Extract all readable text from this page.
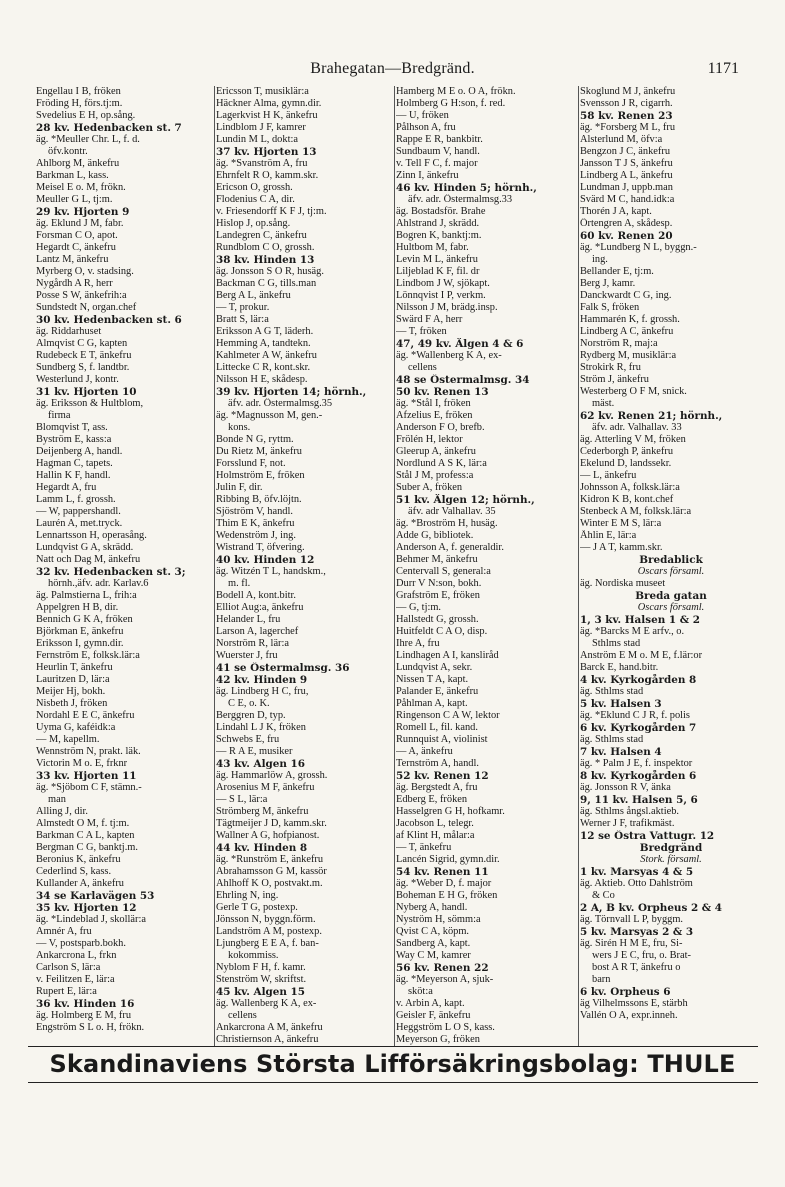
Brahegatan—Bredgränd.	1171
Engellau I B, fröken
Fröding H, förs.tj:m.
Svedelius E H, op.sång.
28 kv. Hedenbacken st. 7
äg. *Meuller Chr. L, f. d.
öfv.kontr.
Ahlborg M, änkefru
Barkman L, kass.
Meisel E o. M, frökn.
Meuller G L, tj:m.
29 kv. Hjorten 9
äg. Eklund J M, fabr.
Forsman C O, apot.
Hegardt C, änkefru
Lantz M, änkefru
Myrberg O, v. stadsing.
Nygårdh A R, herr
Posse S W, änkefrih:a
Sundstedt N, organ.chef
30 kv. Hedenbacken st. 6
äg. Riddarhuset
Almqvist C G, kapten
Rudebeck E T, änkefru
Sundberg S, f. landtbr.
Westerlund J, kontr.
31 kv. Hjorten 10
äg. Eriksson & Hultblom,
firma
Blomqvist T, ass.
Byström E, kass:a
Deijenberg A, handl.
Hagman C, tapets.
Hallin K F, handl.
Hegardt A, fru
Lamm L, f. grossh.
— W, pappershandl.
Laurén A, met.tryck.
Lennartsson H, operasång.
Lundqvist G A, skrädd.
Natt och Dag M, änkefru
32 kv. Hedenbacken st. 3;
hörnh.,äfv. adr. Karlav.6
äg. Palmstierna L, frih:a
Appelgren H B, dir.
Bennich G K A, fröken
Björkman E, änkefru
Eriksson I, gymn.dir.
Fernström E, folksk.lär:a
Heurlin T, änkefru
Lauritzen D, lär:a
Meijer Hj, bokh.
Nisbeth J, fröken
Nordahl E E C, änkefru
Uyma G, kaféidk:a
— M, kapellm.
Wennström N, prakt. läk.
Victorin M o. E, frknr
33 kv. Hjorten 11
äg. *Sjöbom C F, stämn.-
man
Alling J, dir.
Almstedt O M, f. tj:m.
Barkman C A L, kapten
Bergman C G, banktj.m.
Beronius K, änkefru
Cederlind S, kass.
Kullander A, änkefru
34 se Karlavägen 53
35 kv. Hjorten 12
äg. *Lindeblad J, skollär:a
Amnér A, fru
— V, postsparb.bokh.
Ankarcrona L, frkn
Carlson S, lär:a
v. Feilitzen E, lär:a
Rupert E, lär:a
36 kv. Hinden 16
äg. Holmberg E M, fru
Engström S L o. H, frökn.
Ericsson T, musiklär:a
Häckner Alma, gymn.dir.
Lagerkvist H K, änkefru
Lindblom J F, kamrer
Lundin M L, dokt:a
37 kv. Hjorten 13
äg. *Svanström A, fru
Ehrnfelt R O, kamm.skr.
Ericson O, grossh.
Flodenius C A, dir.
v. Friesendorff K F J, tj:m.
Hislop J, op.sång.
Landegren C, änkefru
Rundblom C O, grossh.
38 kv. Hinden 13
äg. Jonsson S O R, husäg.
Backman C G, tills.man
Berg A L, änkefru
— T, prokur.
Bratt S, lär:a
Eriksson A G T, läderh.
Hemming A, tandtekn.
Kahlmeter A W, änkefru
Littecke C R, kont.skr.
Nilsson H E, skådesp.
39 kv. Hjorten 14; hörnh.,
äfv. adr. Östermalmsg.35
äg. *Magnusson M, gen.-
kons.
Bonde N G, ryttm.
Du Rietz M, änkefru
Forsslund F, not.
Holmström E, fröken
Julin F, dir.
Ribbing B, öfv.löjtn.
Sjöström V, handl.
Thim E K, änkefru
Wedenström J, ing.
Wistrand T, öfvering.
40 kv. Hinden 12
äg. Witzén T L, handskm.,
m. fl.
Bodell A, kont.bitr.
Elliot Aug:a, änkefru
Helander L, fru
Larson A, lagerchef
Norström R, lär:a
Wuerster J, fru
41 se Östermalmsg. 36
42 kv. Hinden 9
äg. Lindberg H C, fru,
C E, o. K.
Berggren D, typ.
Lindahl L J K, fröken
Schwebs E, fru
— R A E, musiker
43 kv. Algen 16
äg. Hammarlöw A, grossh.
Arosenius M F, änkefru
— S L, lär:a
Strömberg M, änkefru
Tägtmeijer J D, kamm.skr.
Wallner A G, hofpianost.
44 kv. Hinden 8
äg. *Runström E, änkefru
Abrahamsson G M, kassör
Ahlhoff K O, postvakt.m.
Ehrling N, ing.
Gerle T G, postexp.
Jönsson N, byggn.förm.
Landström A M, postexp.
Ljungberg E E A, f. ban-
kokommiss.
Nyblom F H, f. kamr.
Stenström W, skriftst.
45 kv. Algen 15
äg. Wallenberg K A, ex-
cellens
Ankarcrona A M, änkefru
Christiernson A, änkefru
Hamberg M E o. O A, frökn.
Holmberg G H:son, f. red.
— U, fröken
Pålhson A, fru
Rappe E R, bankbitr.
Sundbaum V, handl.
v. Tell F C, f. major
Zinn I, änkefru
46 kv. Hinden 5; hörnh.,
äfv. adr. Östermalmsg.33
äg. Bostadsför. Brahe
Ahlstrand J, skrädd.
Bogren K, banktj:m.
Hultbom M, fabr.
Levin M L, änkefru
Liljeblad K F, fil. dr
Lindbom J W, sjökapt.
Lönnqvist I P, verkm.
Nilsson J M, brädg.insp.
Swärd F A, herr
— T, fröken
47, 49 kv. Älgen 4 & 6
äg. *Wallenberg K A, ex-
cellens
48 se Östermalmsg. 34
50 kv. Renen 13
äg. *Stål I, fröken
Afzelius E, fröken
Anderson F O, brefb.
Frölén H, lektor
Gleerup A, änkefru
Nordlund A S K, lär:a
Stål J M, profess:a
Suber A, fröken
51 kv. Älgen 12; hörnh.,
äfv. adr Valhallav. 35
äg. *Broström H, husäg.
Adde G, bibliotek.
Anderson A, f. generaldir.
Behmer M, änkefru
Centervall S, general:a
Durr V N:son, bokh.
Grafström E, fröken
— G, tj:m.
Hallstedt G, grossh.
Huitfeldt C A O, disp.
Ihre A, fru
Lindhagen A I, kansliråd
Lundqvist A, sekr.
Nissen T A, kapt.
Palander E, änkefru
Påhlman A, kapt.
Ringenson C A W, lektor
Romell L, fil. kand.
Runnquist A, violinist
— A, änkefru
Ternström A, handl.
52 kv. Renen 12
äg. Bergstedt A, fru
Edberg E, fröken
Hasselgren G H, hofkamr.
Jacobson L, telegr.
af Klint H, målar:a
— T, änkefru
Lancén Sigrid, gymn.dir.
54 kv. Renen 11
äg. *Weber D, f. major
Boheman E H G, fröken
Nyberg A, handl.
Nyström H, sömm:a
Qvist C A, köpm.
Sandberg A, kapt.
Way C M, kamrer
56 kv. Renen 22
äg. *Meyerson A, sjuk-
sköt:a
v. Arbin A, kapt.
Geisler F, änkefru
Heggström L O S, kass.
Meyerson G, fröken
Skoglund M J, änkefru
Svensson J R, cigarrh.
58 kv. Renen 23
äg. *Forsberg M L, fru
Alsterlund M, öfv:a
Bengzon J C, änkefru
Jansson T J S, änkefru
Lindberg A L, änkefru
Lundman J, uppb.man
Svärd M C, hand.idk:a
Thorén J A, kapt.
Örtengren A, skådesp.
60 kv. Renen 20
äg. *Lundberg N L, byggn.-
ing.
Bellander E, tj:m.
Berg J, kamr.
Danckwardt C G, ing.
Falk S, fröken
Hammarén K, f. grossh.
Lindberg A C, änkefru
Norström R, maj:a
Rydberg M, musiklär:a
Strokirk R, fru
Ström J, änkefru
Westerberg O F M, snick.
mäst.
62 kv. Renen 21; hörnh.,
äfv. adr. Valhallav. 33
äg. Atterling V M, fröken
Cederborgh P, änkefru
Ekelund D, landssekr.
— L, änkefru
Johnsson A, folksk.lär:a
Kidron K B, kont.chef
Stenbeck A M, folksk.lär:a
Winter E M S, lär:a
Åhlin E, lär:a
— J A T, kamm.skr.
Bredablick
Oscars församl.
äg. Nordiska museet
Breda gatan
Oscars församl.
1, 3 kv. Halsen 1 & 2
äg. *Barcks M E arfv., o.
Sthlms stad
Anström E M o. M E, f.lär:or
Barck E, hand.bitr.
4 kv. Kyrkogården 8
äg. Sthlms stad
5 kv. Halsen 3
äg. *Eklund C J R, f. polis
6 kv. Kyrkogården 7
äg. Sthlms stad
7 kv. Halsen 4
äg. * Palm J E, f. inspektor
8 kv. Kyrkogården 6
äg. Jonsson R V, änka
9, 11 kv. Halsen 5, 6
äg. Sthlms ångsl.aktieb.
Werner J F, trafikmäst.
12 se Östra Vattugr. 12
Bredgränd
Stork. församl.
1 kv. Marsyas 4 & 5
äg. Aktieb. Otto Dahlström
& Co
2 A, B kv. Orpheus 2 & 4
äg. Törnvall L P, byggm.
5 kv. Marsyas 2 & 3
äg. Sirén H M E, fru, Si-
wers J E C, fru, o. Brat-
bost A R T, änkefru o
barn
6 kv. Orpheus 6
äg Vilhelmssons E, stärbh
Vallén O A, expr.inneh.
Skandinaviens Största Lifförsäkringsbolag: THULE
